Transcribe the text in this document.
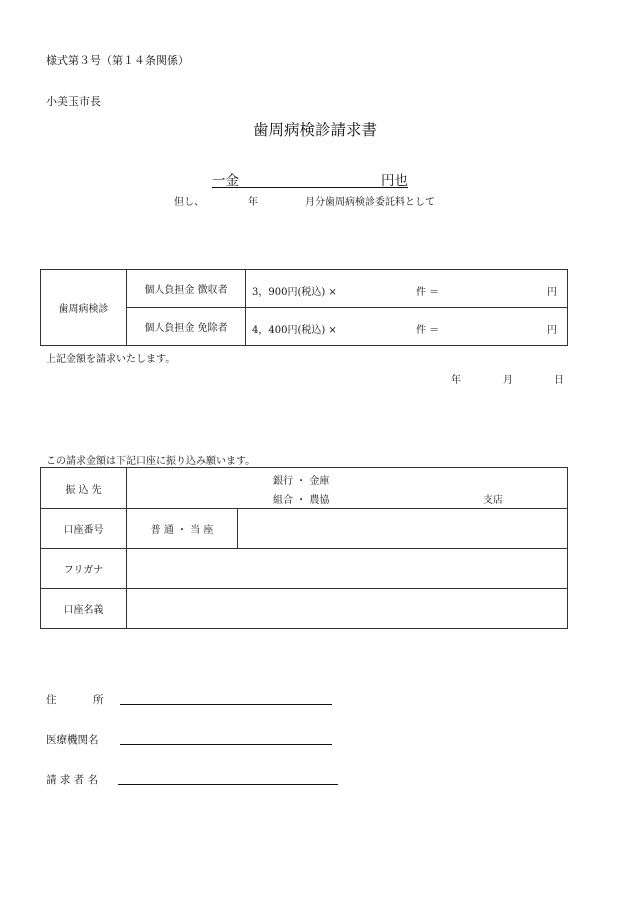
様式第３号（第１４条関係）
小美玉市長
歯周病検診請求書
一金	円也
但し、	年	月分歯周病検診委託料として
歯周病検診	個人負担金 徴収者	3，900円(税込) × 件 ＝ 円

	個人負担金 免除者	4，400円(税込) × 件 ＝ 円
上記金額を請求いたします。
年	月	日
この請求金額は下記口座に振り込み願います。
振 込 先	銀行 ・ 金庫
組合 ・ 農協 支店	

口座番号	普 通 ・ 当 座	
フリガナ		
口座名義		
住	所
医療機関名
請 求 者 名
